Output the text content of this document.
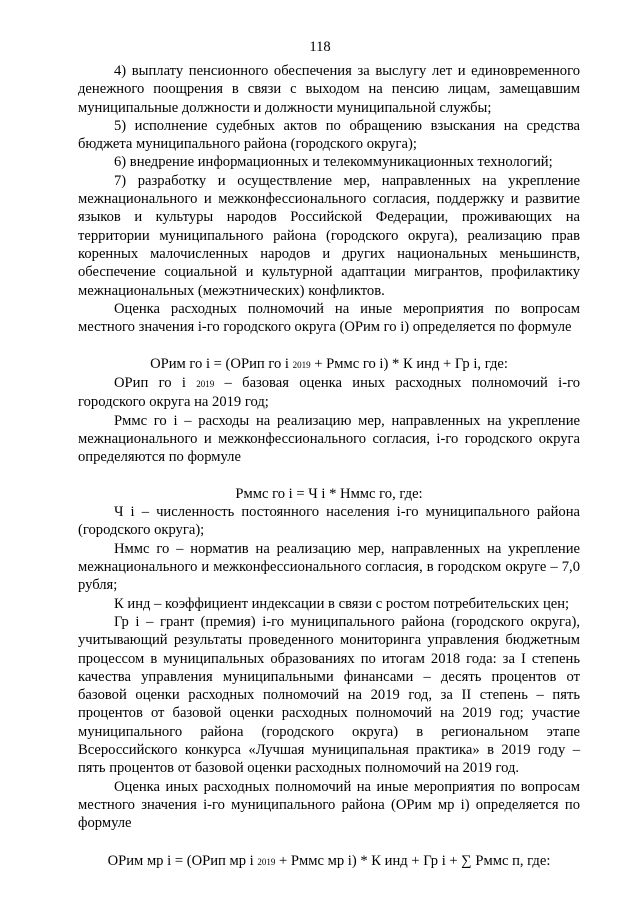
118

4) выплату пенсионного обеспечения за выслугу лет и единовременного денежного поощрения в связи с выходом на пенсию лицам, замещавшим муниципальные должности и должности муниципальной службы;

5) исполнение судебных актов по обращению взыскания на средства бюджета муниципального района (городского округа);

6) внедрение информационных и телекоммуникационных технологий;

7) разработку и осуществление мер, направленных на укрепление межнационального и межконфессионального согласия, поддержку и развитие языков и культуры народов Российской Федерации, проживающих на территории муниципального района (городского округа), реализацию прав коренных малочисленных народов и других национальных меньшинств, обеспечение социальной и культурной адаптации мигрантов, профилактику межнациональных (межэтнических) конфликтов.

Оценка расходных полномочий на иные мероприятия по вопросам местного значения i-го городского округа (ОРим го i) определяется по формуле

ОРим го i = (ОРип го i 2019 + Рммс го i) * К инд + Гр i, где:

ОРип го i 2019 – базовая оценка иных расходных полномочий i-го городского округа на 2019 год;

Рммс го i – расходы на реализацию мер, направленных на укрепление межнационального и межконфессионального согласия, i-го городского округа определяются по формуле

Рммс го i = Ч i * Нммс го, где:

Ч i – численность постоянного населения i-го муниципального района (городского округа);

Нммс го – норматив на реализацию мер, направленных на укрепление межнационального и межконфессионального согласия, в городском округе – 7,0 рубля;

К инд – коэффициент индексации в связи с ростом потребительских цен;

Гр i – грант (премия) i-го муниципального района (городского округа), учитывающий результаты проведенного мониторинга управления бюджетным процессом в муниципальных образованиях по итогам 2018 года: за I степень качества управления муниципальными финансами – десять процентов от базовой оценки расходных полномочий на 2019 год, за II степень – пять процентов от базовой оценки расходных полномочий на 2019 год; участие муниципального района (городского округа) в региональном этапе Всероссийского конкурса «Лучшая муниципальная практика» в 2019 году – пять процентов от базовой оценки расходных полномочий на 2019 год.

Оценка иных расходных полномочий на иные мероприятия по вопросам местного значения i-го муниципального района (ОРим мр i) определяется по формуле

ОРим мр i = (ОРип мр i 2019 + Рммс мр i) * К инд + Гр i + ∑ Рммс п, где:
